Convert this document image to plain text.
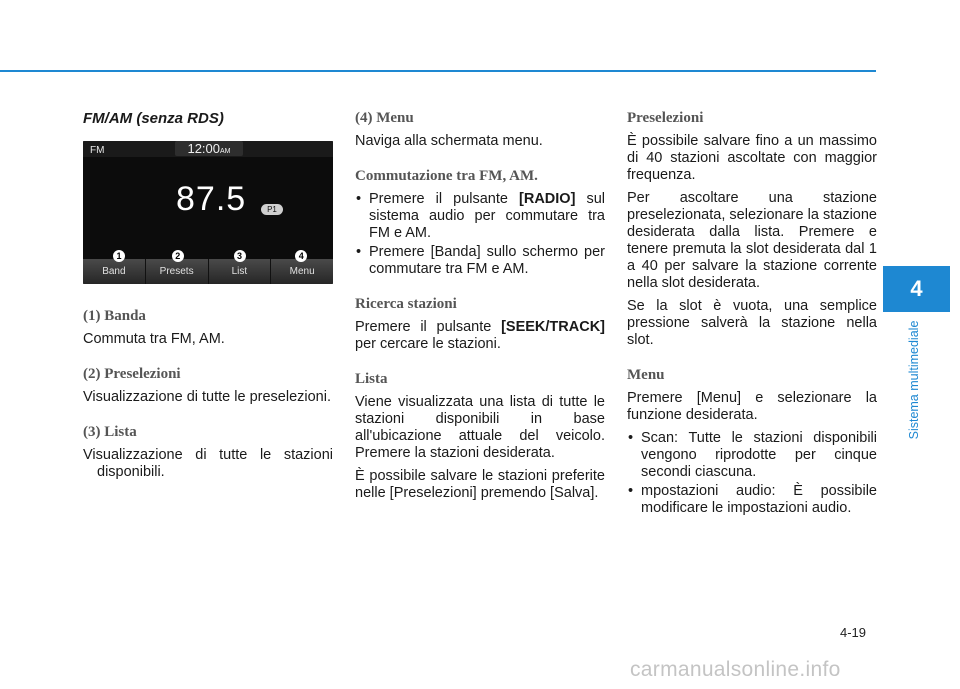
FM/AM (senza RDS)

FM	12:00AM
87.5	P1
1
Band
2
Presets
3
List
4
Menu

(1) Banda

Commuta tra FM, AM.

(2) Preselezioni

Visualizzazione di tutte le preselezioni.

(3) Lista

Visualizzazione di tutte le stazioni disponibili.

(4) Menu

Naviga alla schermata menu.

Commutazione tra FM, AM.

• Premere il pulsante [RADIO] sul sistema audio per commutare tra FM e AM.
• Premere [Banda] sullo schermo per commutare tra FM e AM.

Ricerca stazioni

Premere il pulsante [SEEK/TRACK] per cercare le stazioni.

Lista

Viene visualizzata una lista di tutte le stazioni disponibili in base all'ubicazione attuale del veicolo. Premere la stazioni desiderata.

È possibile salvare le stazioni preferite nelle [Preselezioni] premendo [Salva].

Preselezioni

È possibile salvare fino a un massimo di 40 stazioni ascoltate con maggior frequenza.

Per ascoltare una stazione preselezionata, selezionare la stazione desiderata dalla lista. Premere e tenere premuta la slot desiderata dal 1 a 40 per salvare la stazione corrente nella slot desiderata.

Se la slot è vuota, una semplice pressione salverà la stazione nella slot.

Menu

Premere [Menu] e selezionare la funzione desiderata.

• Scan: Tutte le stazioni disponibili vengono riprodotte per cinque secondi ciascuna.
• mpostazioni audio: È possibile modificare le impostazioni audio.
4
Sistema multimediale
4-19
carmanualsonline.info
